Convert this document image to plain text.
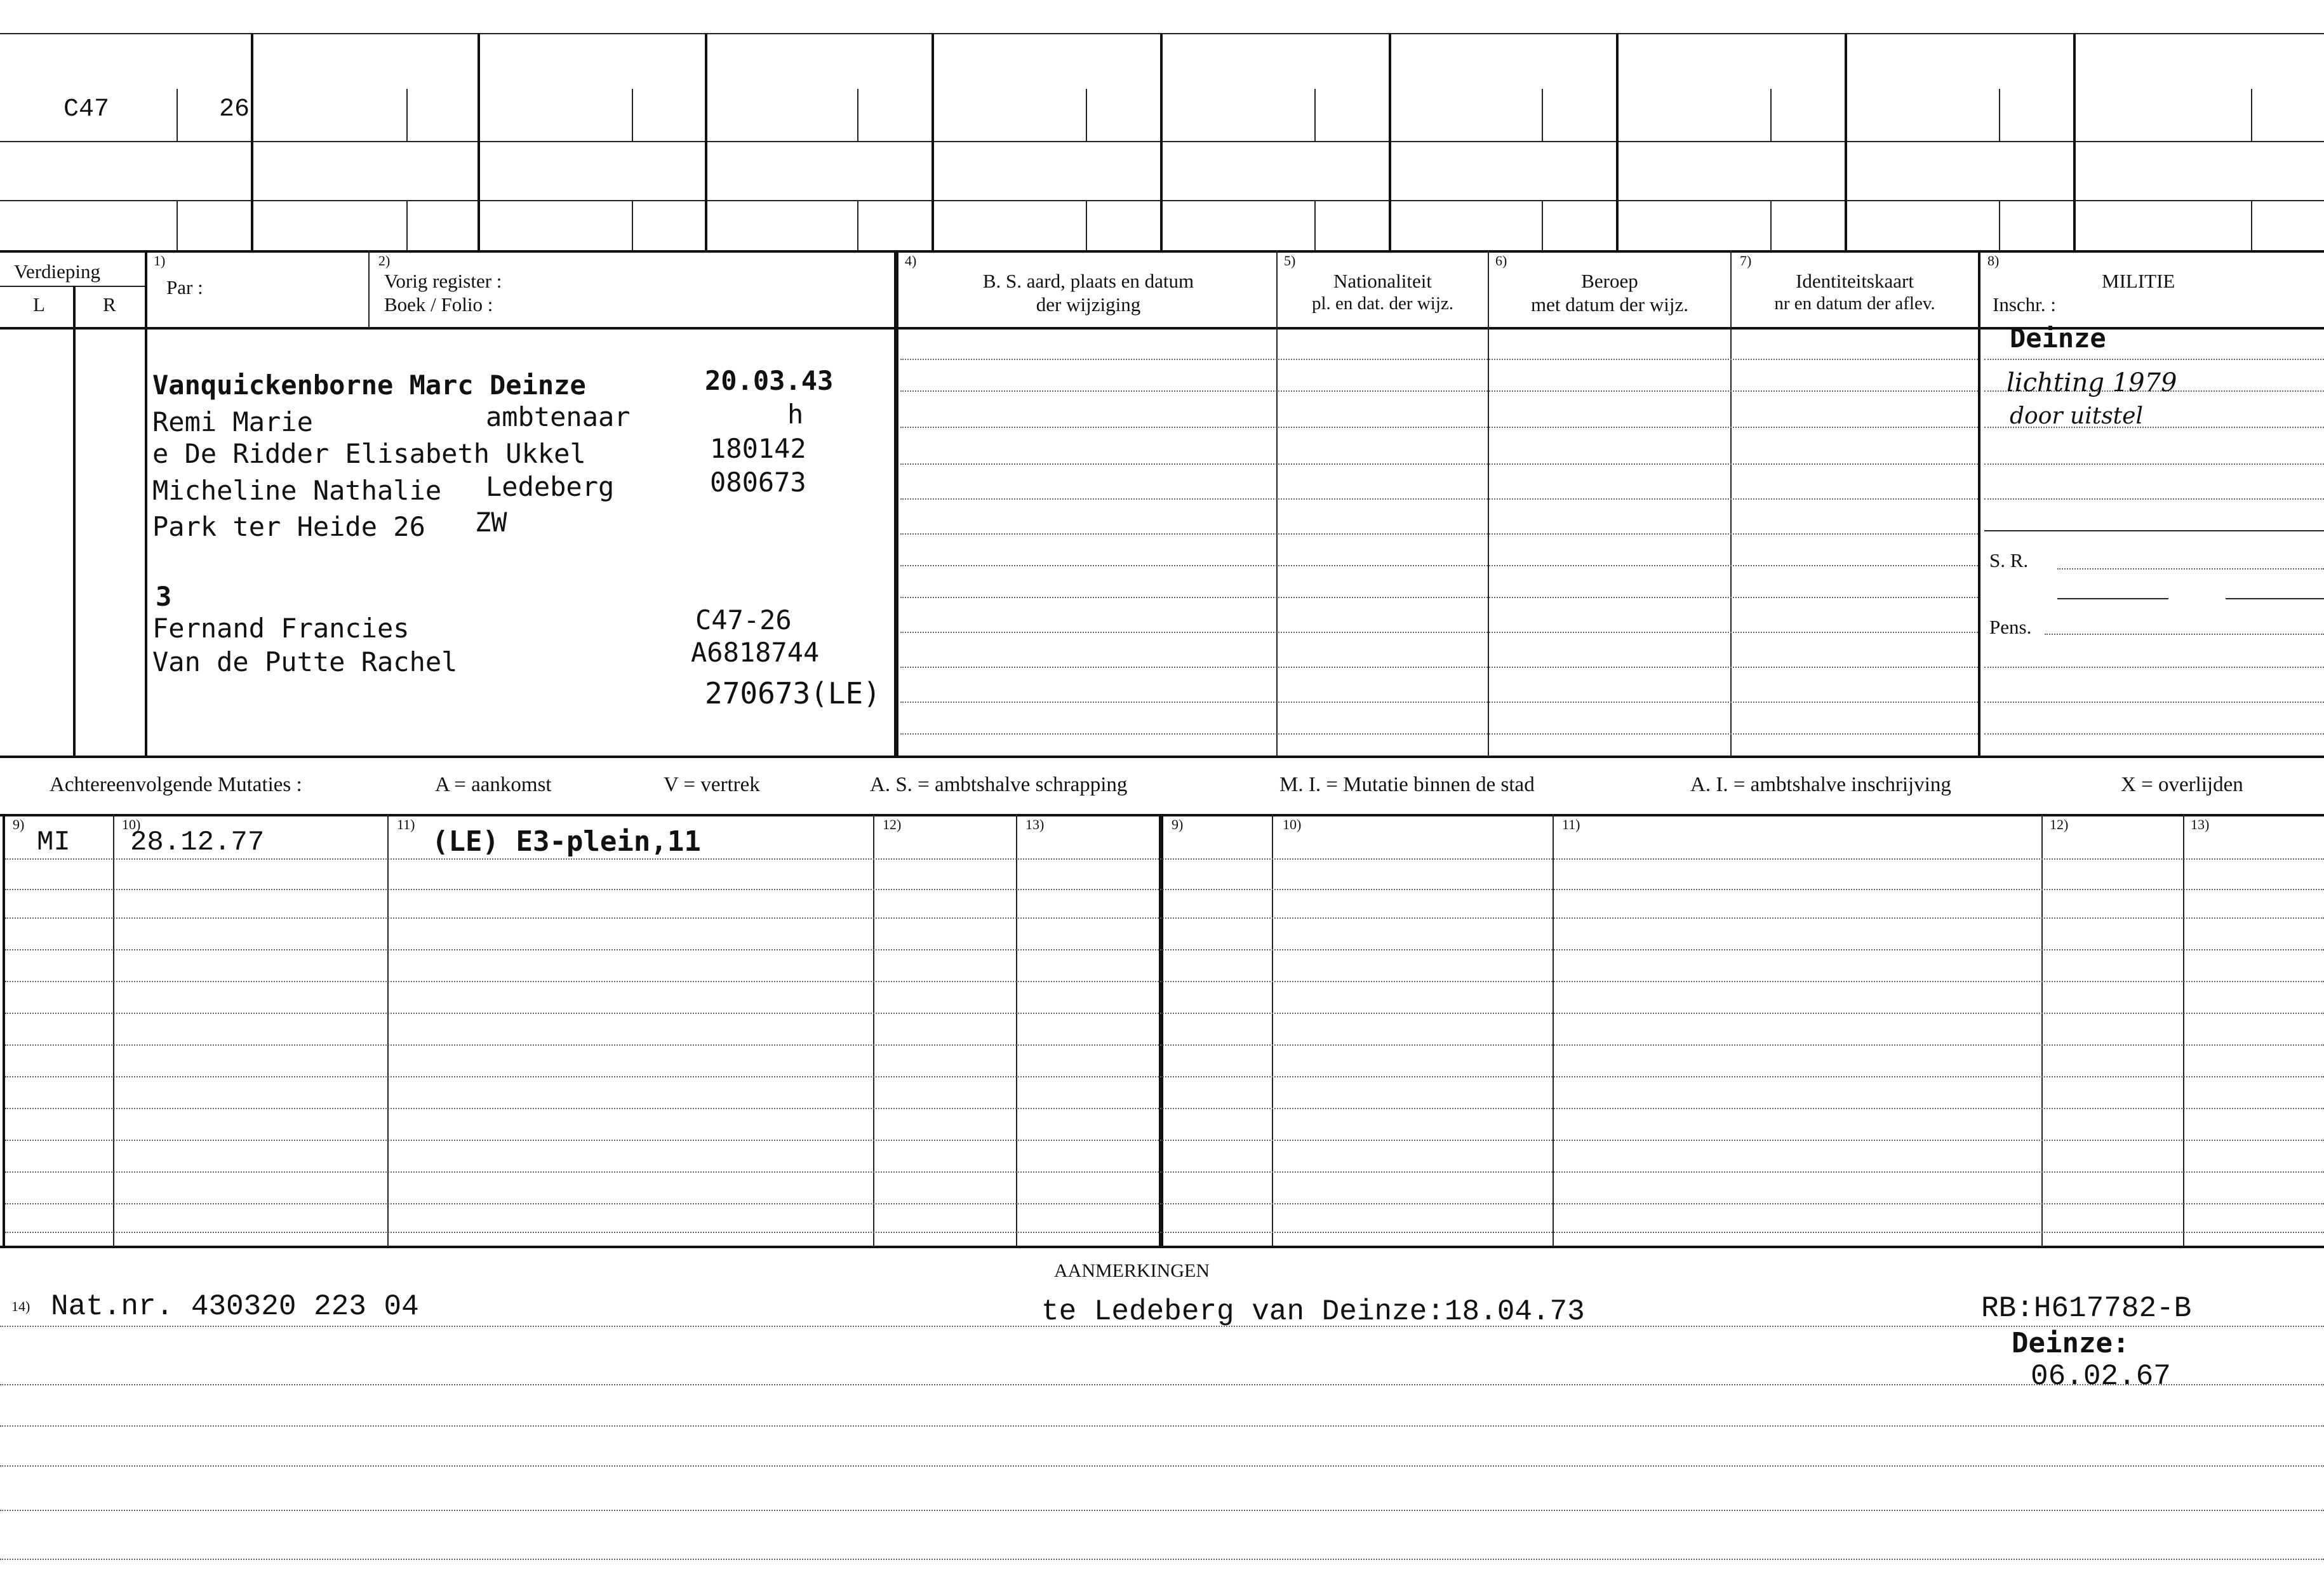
C47	26
Verdieping
L	R
1)
Par :
2)
Vorig register :
Boek / Folio :
4)
B. S. aard, plaats en datum
der wijziging
5)
Nationaliteit
pl. en dat. der wijz.
6)
Beroep
met datum der wijz.
7)
Identiteitskaart
nr en datum der aflev.
8)
MILITIE
Inschr. :
Vanquickenborne Marc Deinze	20.03.43
Remi Marie	ambtenaar	h
e De Ridder Elisabeth Ukkel	180142
Micheline Nathalie Ledeberg	080673
Park ter Heide 26 ZW
3
Fernand Francies	C47-26
Van de Putte Rachel	A6818744
270673(LE)
Deinze
lichting 1979
door uitstel
S. R.
Pens.
Achtereenvolgende Mutaties :	A = aankomst	V = vertrek	A. S. = ambtshalve schrapping	M. I. = Mutatie binnen de stad	A. I. = ambtshalve inschrijving	X = overlijden
9)	10)	11)	12)	13)	9)	10)	11)	12)	13)
MI 28.12.77	(LE) E3-plein,11
AANMERKINGEN
14) Nat.nr. 430320 223 04	te Ledeberg van Deinze:18.04.73	RB:H617782-B
Deinze:
06.02.67
